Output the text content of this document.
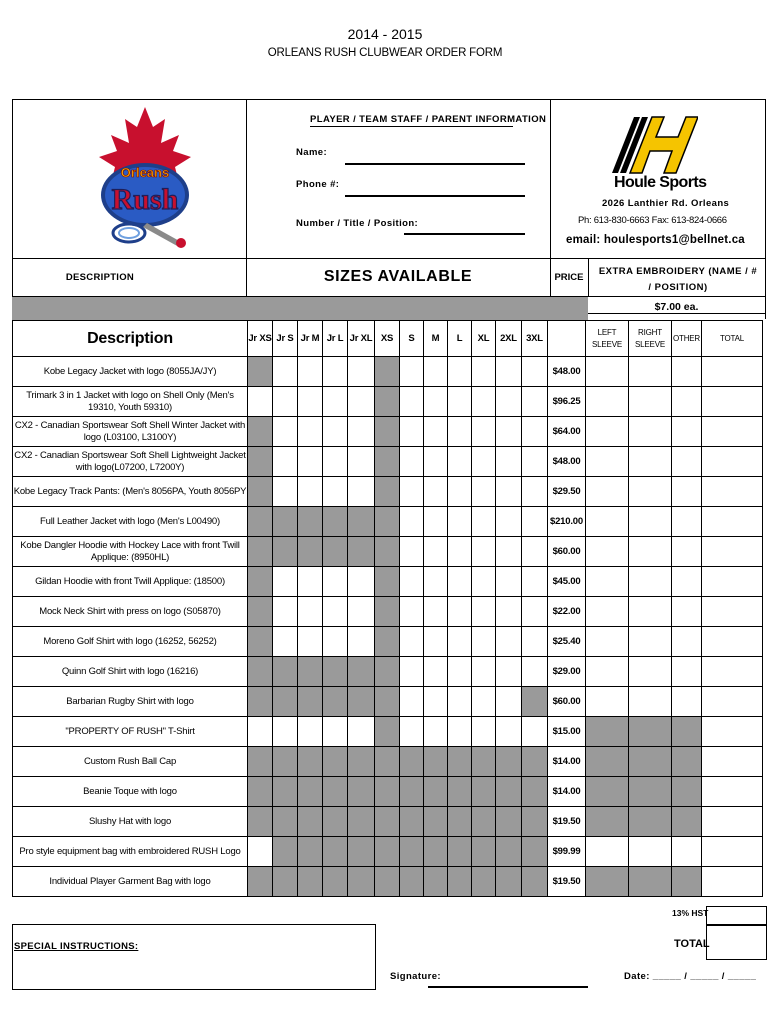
2014 - 2015
ORLEANS RUSH CLUBWEAR ORDER FORM
Orleans
Rush
PLAYER / TEAM STAFF / PARENT INFORMATION
Name:
Phone #:
Number / Title / Position:
Houle Sports
2026 Lanthier Rd. Orleans
Ph: 613-830-6663 Fax: 613-824-0666
email: houlesports1@bellnet.ca
DESCRIPTION	SIZES AVAILABLE	PRICE
EXTRA EMBROIDERY (NAME / # / POSITION)
$7.00 ea.
Description	Jr XS	Jr S	Jr M	Jr L	Jr XL	XS	S	M	L	XL	2XL	3XL		LEFT SLEEVE	RIGHT SLEEVE	OTHER	TOTAL
Kobe Legacy Jacket with logo (8055JA/JY)													$48.00				
Trimark 3 in 1 Jacket with logo on Shell Only (Men's 19310, Youth 59310)													$96.25				
CX2 - Canadian Sportswear Soft Shell Winter Jacket with logo (L03100, L3100Y)													$64.00				
CX2 - Canadian Sportswear Soft Shell Lightweight Jacket with logo(L07200, L7200Y)													$48.00				
Kobe Legacy Track Pants: (Men's 8056PA, Youth 8056PY													$29.50				
Full Leather Jacket with logo (Men's L00490)													$210.00				
Kobe Dangler Hoodie with Hockey Lace with front Twill Applique: (8950HL)													$60.00				
Gildan Hoodie with front Twill Applique: (18500)													$45.00				
Mock Neck Shirt with press on logo (S05870)													$22.00				
Moreno Golf Shirt with logo (16252, 56252)													$25.40				
Quinn Golf Shirt with logo (16216)													$29.00				
Barbarian Rugby Shirt with logo													$60.00				
"PROPERTY OF RUSH" T-Shirt													$15.00				
Custom Rush Ball Cap													$14.00				
Beanie Toque with logo													$14.00				
Slushy Hat with logo													$19.50				
Pro style equipment bag with embroidered RUSH Logo													$99.99				
Individual Player Garment Bag with logo													$19.50				
13% HST
TOTAL
SPECIAL INSTRUCTIONS:
Signature:	Date: _____ / _____ / _____
